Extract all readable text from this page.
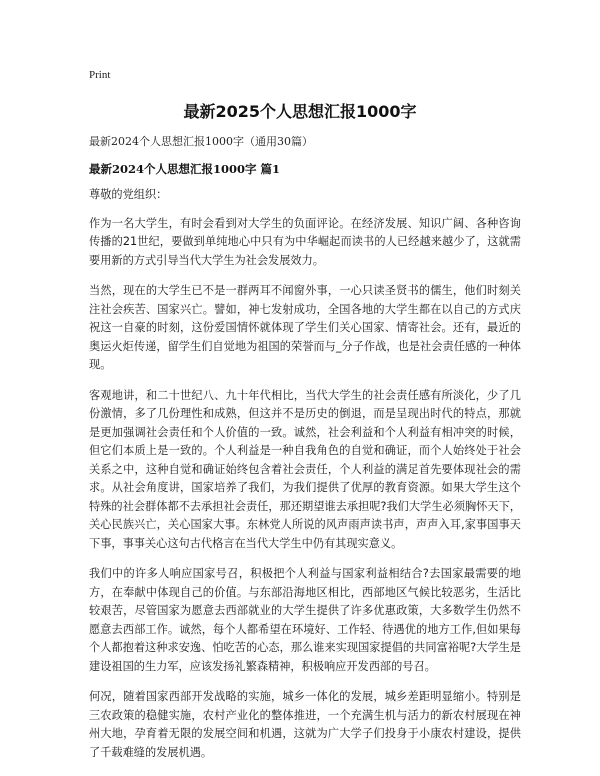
Print
最新2025个人思想汇报1000字
最新2024个人思想汇报1000字（通用30篇）
最新2024个人思想汇报1000字 篇1

尊敬的党组织：

作为一名大学生，有时会看到对大学生的负面评论。在经济发展、知识广阔、各种咨询传播的21世纪，要做到单纯地心中只有为中华崛起而读书的人已经越来越少了，这就需要用新的方式引导当代大学生为社会发展效力。

当然，现在的大学生已不是一群两耳不闻窗外事，一心只读圣贤书的儒生，他们时刻关注社会疾苦、国家兴亡。譬如，神七发射成功，全国各地的大学生都在以自己的方式庆祝这一自豪的时刻，这份爱国情怀就体现了学生们关心国家、情寄社会。还有，最近的奥运火炬传递，留学生们自觉地为祖国的荣誉而与_分子作战，也是社会责任感的一种体现。

客观地讲，和二十世纪八、九十年代相比，当代大学生的社会责任感有所淡化，少了几份激情，多了几份理性和成熟，但这并不是历史的倒退，而是呈现出时代的特点，那就是更加强调社会责任和个人价值的一致。诚然，社会利益和个人利益有相冲突的时候，但它们本质上是一致的。个人利益是一种自我角色的自觉和确证，而个人始终处于社会关系之中，这种自觉和确证始终包含着社会责任，个人利益的满足首先要体现社会的需求。从社会角度讲，国家培养了我们，为我们提供了优厚的教育资源。如果大学生这个特殊的社会群体都不去承担社会责任，那还期望谁去承担呢?我们大学生必须胸怀天下，关心民族兴亡，关心国家大事。东林党人所说的风声雨声读书声，声声入耳,家事国事天下事，事事关心这句古代格言在当代大学生中仍有其现实意义。

我们中的许多人响应国家号召，积极把个人利益与国家利益相结合?去国家最需要的地方，在奉献中体现自己的价值。与东部沿海地区相比，西部地区气候比较恶劣，生活比较艰苦，尽管国家为愿意去西部就业的大学生提供了许多优惠政策，大多数学生仍然不愿意去西部工作。诚然，每个人都希望在环境好、工作轻、待遇优的地方工作,但如果每个人都抱着这种求安逸、怕吃苦的心态，那么谁来实现国家提倡的共同富裕呢?大学生是建设祖国的生力军，应该发扬礼繁森精神，积极响应开发西部的号召。

何况，随着国家西部开发战略的实施，城乡一体化的发展，城乡差距明显缩小。特别是三农政策的稳健实施，农村产业化的整体推进，一个充满生机与活力的新农村展现在神州大地，孕育着无限的发展空间和机遇，这就为广大学子们投身于小康农村建设，提供了千载难缝的发展机遇。
